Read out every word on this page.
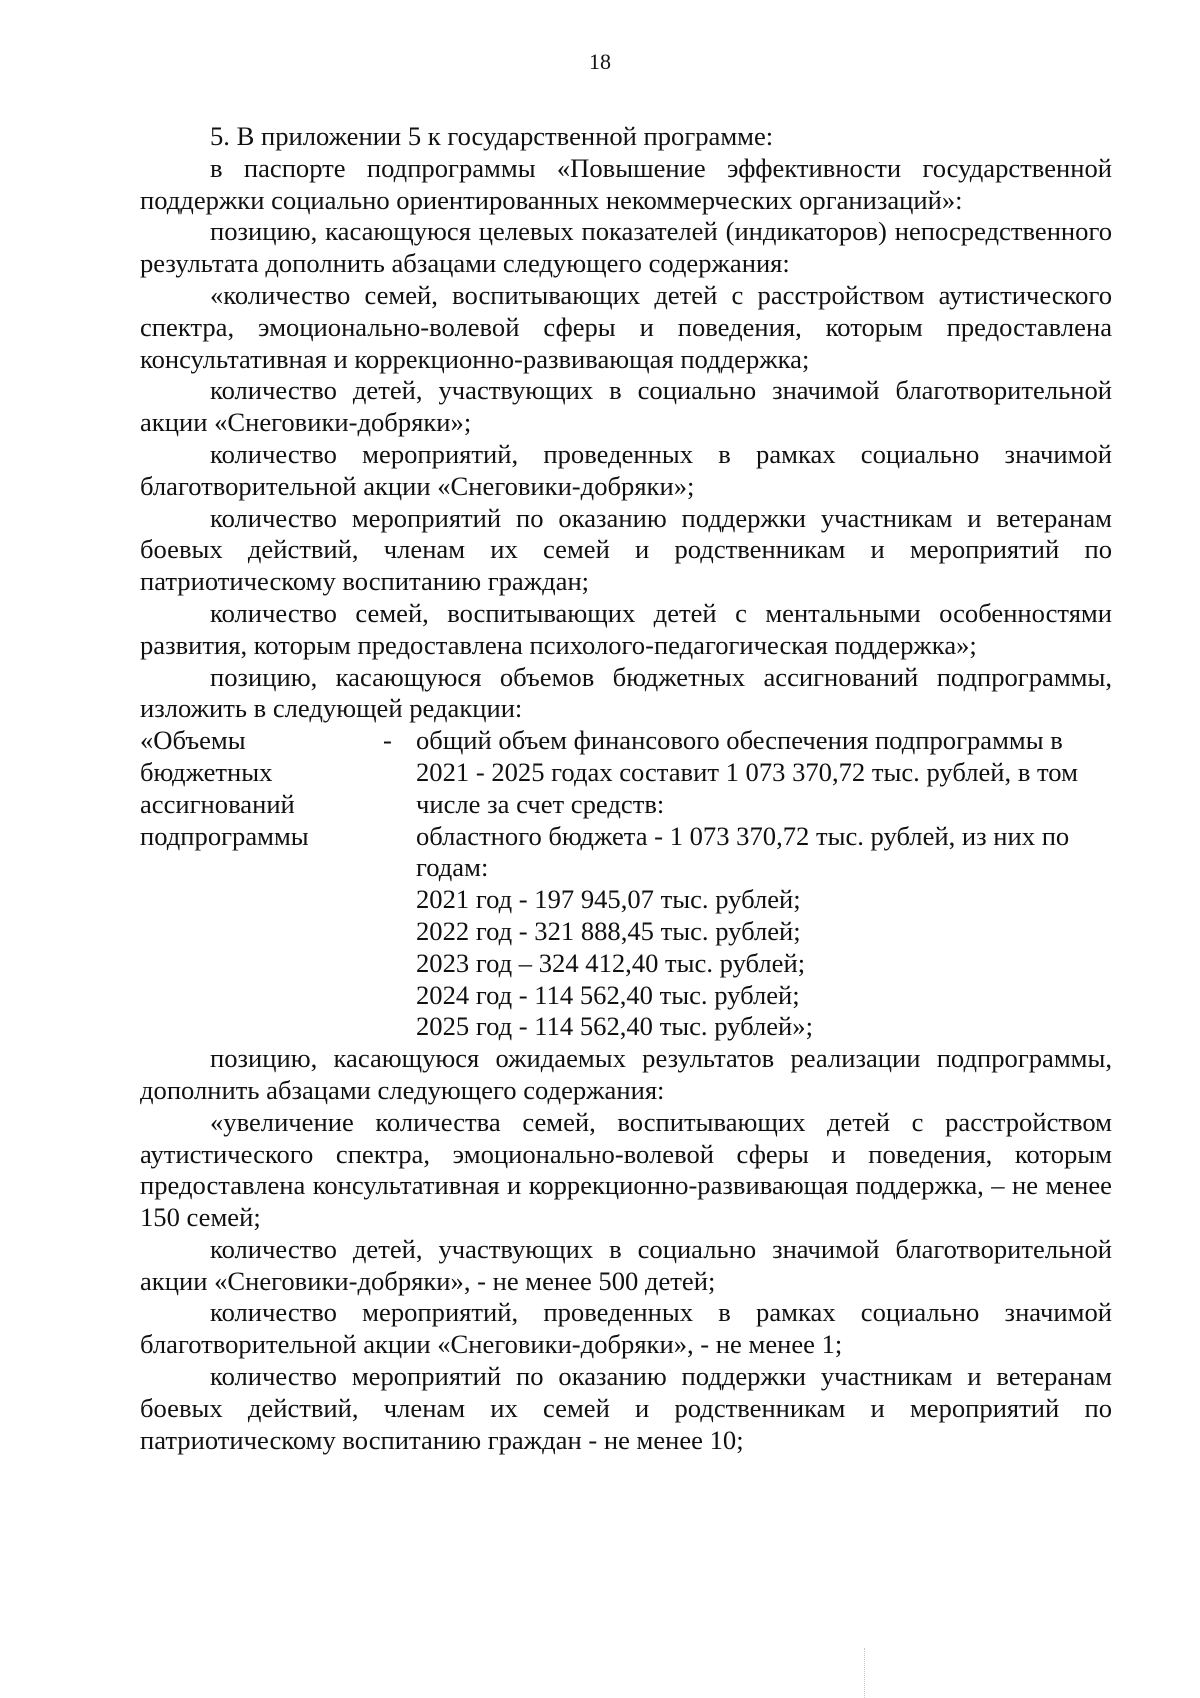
18

5. В приложении 5 к государственной программе:

в паспорте подпрограммы «Повышение эффективности государственной поддержки социально ориентированных некоммерческих организаций»:

позицию, касающуюся целевых показателей (индикаторов) непосредственного результата дополнить абзацами следующего содержания:

«количество семей, воспитывающих детей с расстройством аутистического спектра, эмоционально-волевой сферы и поведения, которым предоставлена консультативная и коррекционно-развивающая поддержка;

количество детей, участвующих в социально значимой благотворительной акции «Снеговики-добряки»;

количество мероприятий, проведенных в рамках социально значимой благотворительной акции «Снеговики-добряки»;

количество мероприятий по оказанию поддержки участникам и ветеранам боевых действий, членам их семей и родственникам и мероприятий по патриотическому воспитанию граждан;

количество семей, воспитывающих детей с ментальными особенностями развития, которым предоставлена психолого-педагогическая поддержка»;

позицию, касающуюся объемов бюджетных ассигнований подпрограммы, изложить в следующей редакции:

«Объемы бюджетных ассигнований подпрограммы
- общий объем финансового обеспечения подпрограммы в 2021 - 2025 годах составит 1 073 370,72 тыс. рублей, в том числе за счет средств:
областного бюджета - 1 073 370,72 тыс. рублей, из них по годам:
2021 год - 197 945,07 тыс. рублей;
2022 год - 321 888,45 тыс. рублей;
2023 год – 324 412,40 тыс. рублей;
2024 год - 114 562,40 тыс. рублей;
2025 год - 114 562,40 тыс. рублей»;

позицию, касающуюся ожидаемых результатов реализации подпрограммы, дополнить абзацами следующего содержания:

«увеличение количества семей, воспитывающих детей с расстройством аутистического спектра, эмоционально-волевой сферы и поведения, которым предоставлена консультативная и коррекционно-развивающая поддержка, – не менее 150 семей;

количество детей, участвующих в социально значимой благотворительной акции «Снеговики-добряки», - не менее 500 детей;

количество мероприятий, проведенных в рамках социально значимой благотворительной акции «Снеговики-добряки», - не менее 1;

количество мероприятий по оказанию поддержки участникам и ветеранам боевых действий, членам их семей и родственникам и мероприятий по патриотическому воспитанию граждан - не менее 10;
